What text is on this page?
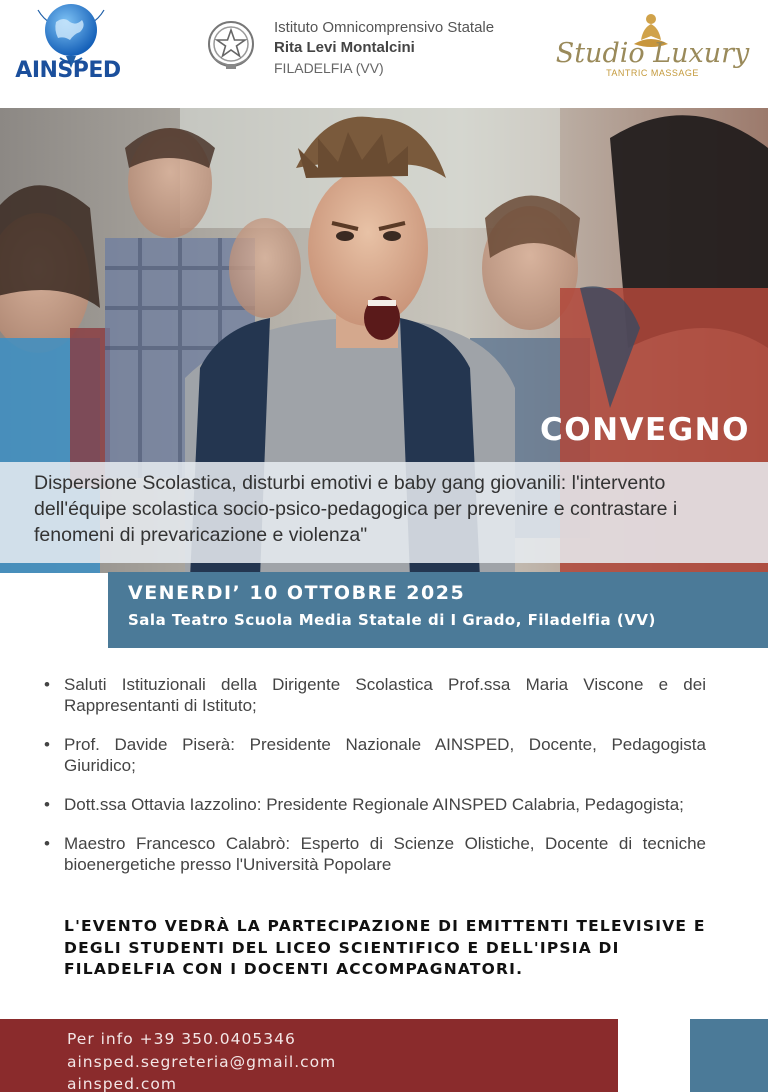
AINSPED
Istituto Omnicomprensivo Statale
Rita Levi Montalcini
FILADELFIA (VV)	Studio Luxury
TANTRIC MASSAGE
CONVEGNO
Dispersione Scolastica, disturbi emotivi e baby gang giovanili: l'intervento dell'équipe scolastica socio-psico-pedagogica per prevenire e contrastare i fenomeni di prevaricazione e violenza"
VENERDI’ 10 OTTOBRE 2025
Sala Teatro Scuola Media Statale di I Grado, Filadelfia (VV)
• Saluti Istituzionali della Dirigente Scolastica Prof.ssa Maria Viscone e dei Rappresentanti di Istituto;
• Prof. Davide Piserà: Presidente Nazionale AINSPED, Docente, Pedagogista Giuridico;
• Dott.ssa Ottavia Iazzolino: Presidente Regionale AINSPED Calabria, Pedagogista;
• Maestro Francesco Calabrò: Esperto di Scienze Olistiche, Docente di tecniche bioenergetiche presso l'Università Popolare
L'EVENTO VEDRÀ LA PARTECIPAZIONE DI EMITTENTI TELEVISIVE E DEGLI STUDENTI DEL LICEO SCIENTIFICO E DELL'IPSIA DI FILADELFIA CON I DOCENTI ACCOMPAGNATORI.
Per info +39 350.0405346
ainsped.segreteria@gmail.com
ainsped.com
